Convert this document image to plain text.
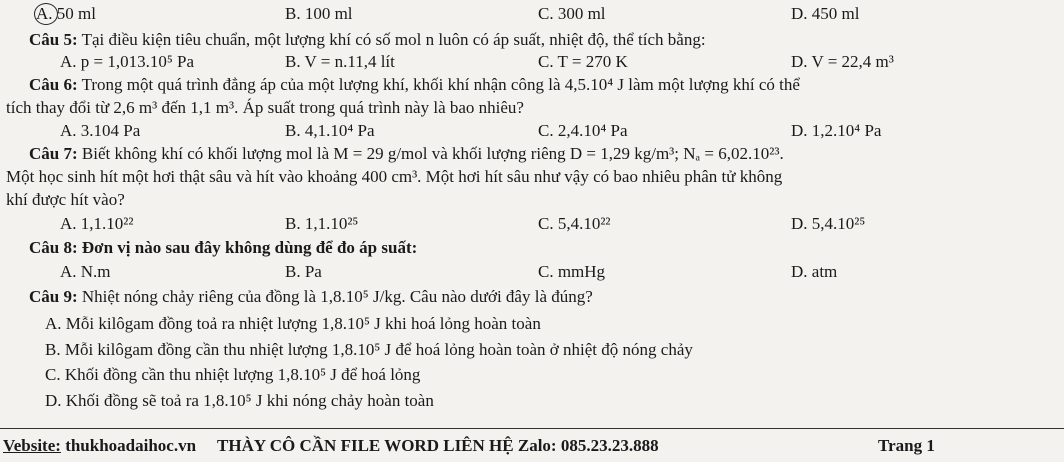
A. 50 ml	B. 100 ml	C. 300 ml	D. 450 ml
Câu 5: Tại điều kiện tiêu chuẩn, một lượng khí có số mol n luôn có áp suất, nhiệt độ, thể tích bằng:
A. p = 1,013.10⁵ Pa	B. V = n.11,4 lít	C. T = 270 K	D. V = 22,4 m³
Câu 6: Trong một quá trình đẳng áp của một lượng khí, khối khí nhận công là 4,5.10⁴ J làm một lượng khí có thể
tích thay đổi từ 2,6 m³ đến 1,1 m³. Áp suất trong quá trình này là bao nhiêu?
A. 3.104 Pa	B. 4,1.10⁴ Pa	C. 2,4.10⁴ Pa	D. 1,2.10⁴ Pa
Câu 7: Biết không khí có khối lượng mol là M = 29 g/mol và khối lượng riêng D = 1,29 kg/m³; Nₐ = 6,02.10²³.
Một học sinh hít một hơi thật sâu và hít vào khoảng 400 cm³. Một hơi hít sâu như vậy có bao nhiêu phân tử không
khí được hít vào?
A. 1,1.10²²	B. 1,1.10²⁵	C. 5,4.10²²	D. 5,4.10²⁵
Câu 8: Đơn vị nào sau đây không dùng để đo áp suất:
A. N.m	B. Pa	C. mmHg	D. atm
Câu 9: Nhiệt nóng chảy riêng của đồng là 1,8.10⁵ J/kg. Câu nào dưới đây là đúng?
A. Mỗi kilôgam đồng toả ra nhiệt lượng 1,8.10⁵ J khi hoá lỏng hoàn toàn
B. Mỗi kilôgam đồng cần thu nhiệt lượng 1,8.10⁵ J để hoá lỏng hoàn toàn ở nhiệt độ nóng chảy
C. Khối đồng cần thu nhiệt lượng 1,8.10⁵ J để hoá lỏng
D. Khối đồng sẽ toả ra 1,8.10⁵ J khi nóng chảy hoàn toàn
Vebsite: thukhoadaihoc.vn THÀY CÔ CẦN FILE WORD LIÊN HỆ Zalo: 085.23.23.888	Trang 1
